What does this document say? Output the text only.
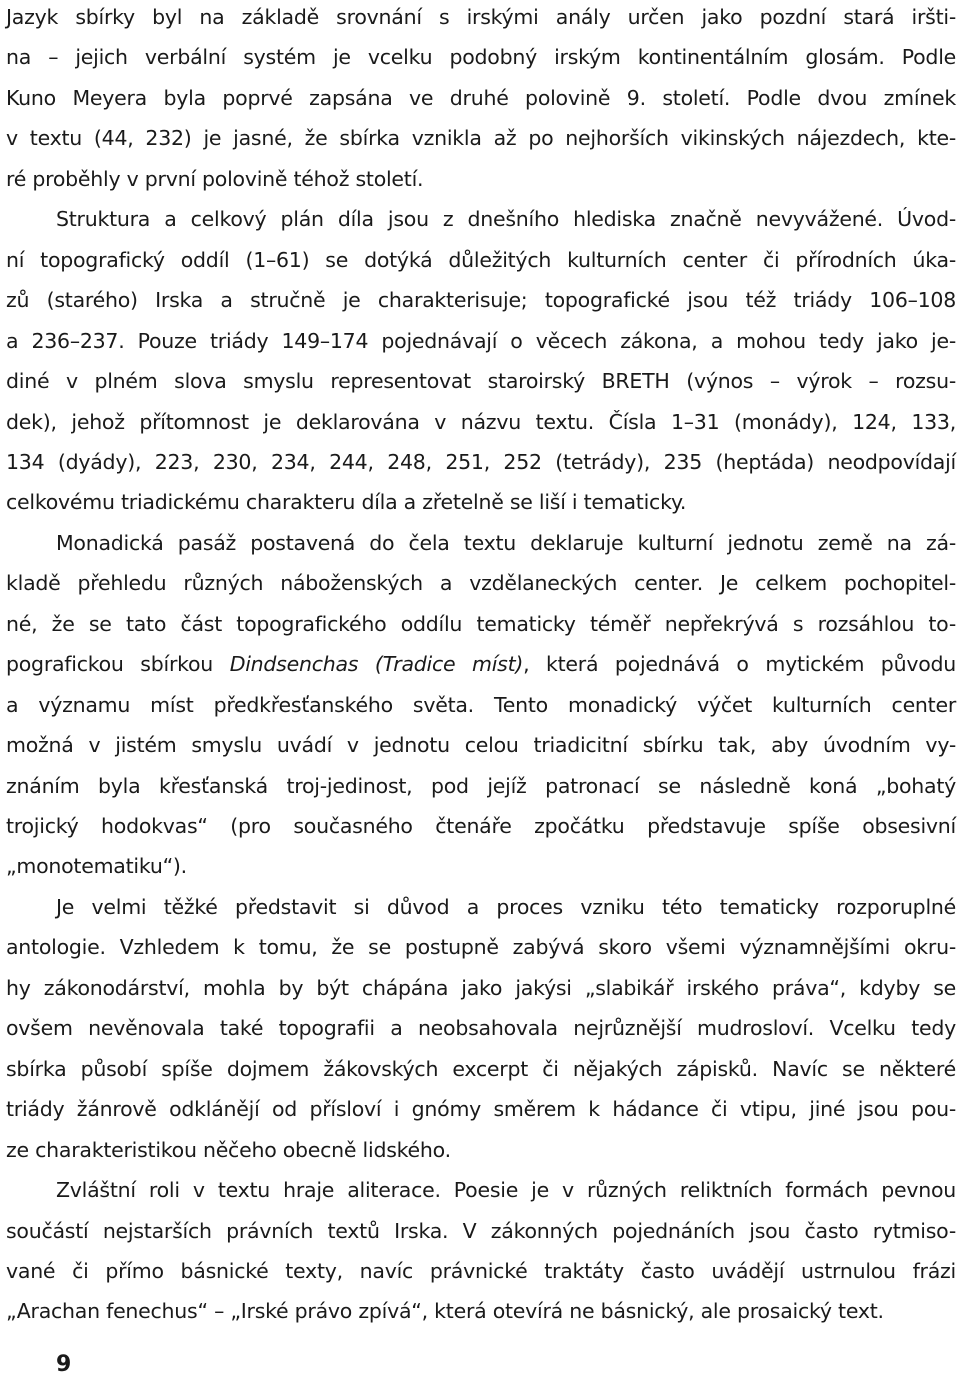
Jazyk sbírky byl na základě srovnání s irskými anály určen jako pozdní stará iršti-
na – jejich verbální systém je vcelku podobný irským kontinentálním glosám. Podle
Kuno Meyera byla poprvé zapsána ve druhé polovině 9. století. Podle dvou zmínek
v textu (44, 232) je jasné, že sbírka vznikla až po nejhorších vikinských nájezdech, kte-
ré proběhly v první polovině téhož století.
Struktura a celkový plán díla jsou z dnešního hlediska značně nevyvážené. Úvod-
ní topografický oddíl (1–61) se dotýká důležitých kulturních center či přírodních úka-
zů (starého) Irska a stručně je charakterisuje; topografické jsou též triády 106–108
a 236–237. Pouze triády 149–174 pojednávají o věcech zákona, a mohou tedy jako je-
diné v plném slova smyslu representovat staroirský BRETH (výnos – výrok – rozsu-
dek), jehož přítomnost je deklarována v názvu textu. Čísla 1–31 (monády), 124, 133,
134 (dyády), 223, 230, 234, 244, 248, 251, 252 (tetrády), 235 (heptáda) neodpovídají
celkovému triadickému charakteru díla a zřetelně se liší i tematicky.
Monadická pasáž postavená do čela textu deklaruje kulturní jednotu země na zá-
kladě přehledu různých náboženských a vzdělaneckých center. Je celkem pochopitel-
né, že se tato část topografického oddílu tematicky téměř nepřekrývá s rozsáhlou to-
pografickou sbírkou Dindsenchas (Tradice míst), která pojednává o mytickém původu
a významu míst předkřesťanského světa. Tento monadický výčet kulturních center
možná v jistém smyslu uvádí v jednotu celou triadicitní sbírku tak, aby úvodním vy-
znáním byla křesťanská troj-jedinost, pod jejíž patronací se následně koná „bohatý
trojický hodokvas“ (pro současného čtenáře zpočátku představuje spíše obsesivní
„monotematiku“).
Je velmi těžké představit si důvod a proces vzniku této tematicky rozporuplné
antologie. Vzhledem k tomu, že se postupně zabývá skoro všemi významnějšími okru-
hy zákonodárství, mohla by být chápána jako jakýsi „slabikář irského práva“, kdyby se
ovšem nevěnovala také topografii a neobsahovala nejrůznější mudrosloví. Vcelku tedy
sbírka působí spíše dojmem žákovských excerpt či nějakých zápisků. Navíc se některé
triády žánrově odklánějí od přísloví i gnómy směrem k hádance či vtipu, jiné jsou pou-
ze charakteristikou něčeho obecně lidského.
Zvláštní roli v textu hraje aliterace. Poesie je v různých reliktních formách pevnou
součástí nejstarších právních textů Irska. V zákonných pojednáních jsou často rytmiso-
vané či přímo básnické texty, navíc právnické traktáty často uvádějí ustrnulou frázi
„Arachan fenechus“ – „Irské právo zpívá“, která otevírá ne básnický, ale prosaický text.
9
